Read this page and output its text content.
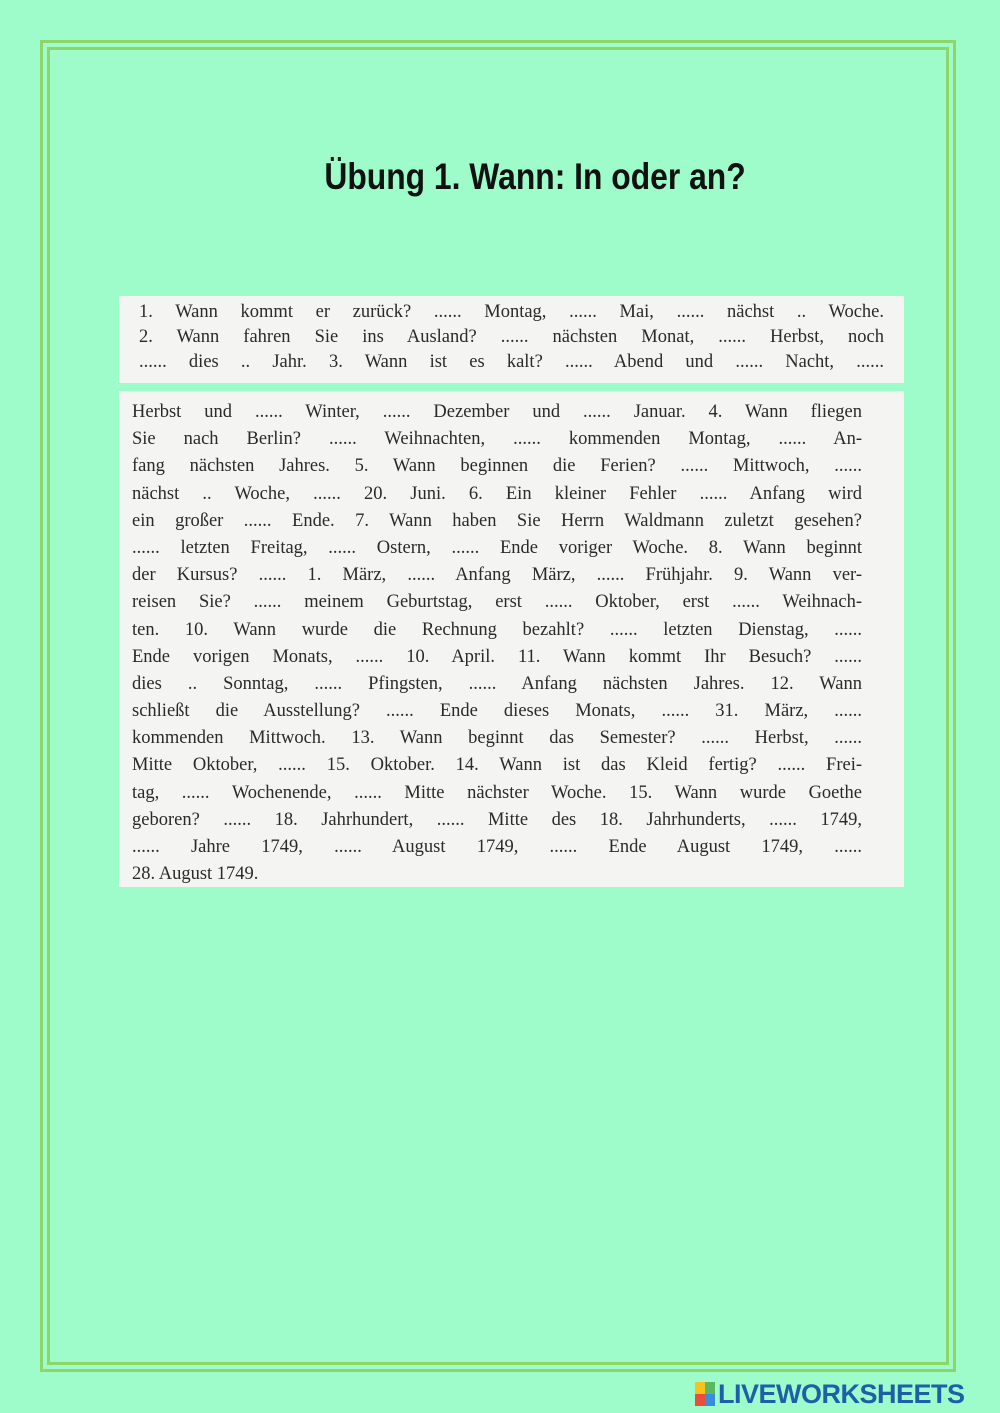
Übung 1. Wann: In oder an?
1. Wann kommt er zurück? ...... Montag, ...... Mai, ...... nächst .. Woche.
2. Wann fahren Sie ins Ausland? ...... nächsten Monat, ...... Herbst, noch
...... dies .. Jahr. 3. Wann ist es kalt? ...... Abend und ...... Nacht, ......
Herbst und ...... Winter, ...... Dezember und ...... Januar. 4. Wann fliegen
Sie nach Berlin? ...... Weihnachten, ...... kommenden Montag, ...... An-
fang nächsten Jahres. 5. Wann beginnen die Ferien? ...... Mittwoch, ......
nächst .. Woche, ...... 20. Juni. 6. Ein kleiner Fehler ...... Anfang wird
ein großer ...... Ende. 7. Wann haben Sie Herrn Waldmann zuletzt gesehen?
...... letzten Freitag, ...... Ostern, ...... Ende voriger Woche. 8. Wann beginnt
der Kursus? ...... 1. März, ...... Anfang März, ...... Frühjahr. 9. Wann ver-
reisen Sie? ...... meinem Geburtstag, erst ...... Oktober, erst ...... Weihnach-
ten. 10. Wann wurde die Rechnung bezahlt? ...... letzten Dienstag, ......
Ende vorigen Monats, ...... 10. April. 11. Wann kommt Ihr Besuch? ......
dies .. Sonntag, ...... Pfingsten, ...... Anfang nächsten Jahres. 12. Wann
schließt die Ausstellung? ...... Ende dieses Monats, ...... 31. März, ......
kommenden Mittwoch. 13. Wann beginnt das Semester? ...... Herbst, ......
Mitte Oktober, ...... 15. Oktober. 14. Wann ist das Kleid fertig? ...... Frei-
tag, ...... Wochenende, ...... Mitte nächster Woche. 15. Wann wurde Goethe
geboren? ...... 18. Jahrhundert, ...... Mitte des 18. Jahrhunderts, ...... 1749,
...... Jahre 1749, ...... August 1749, ...... Ende August 1749, ......
28. August 1749.
LIVEWORKSHEETS
